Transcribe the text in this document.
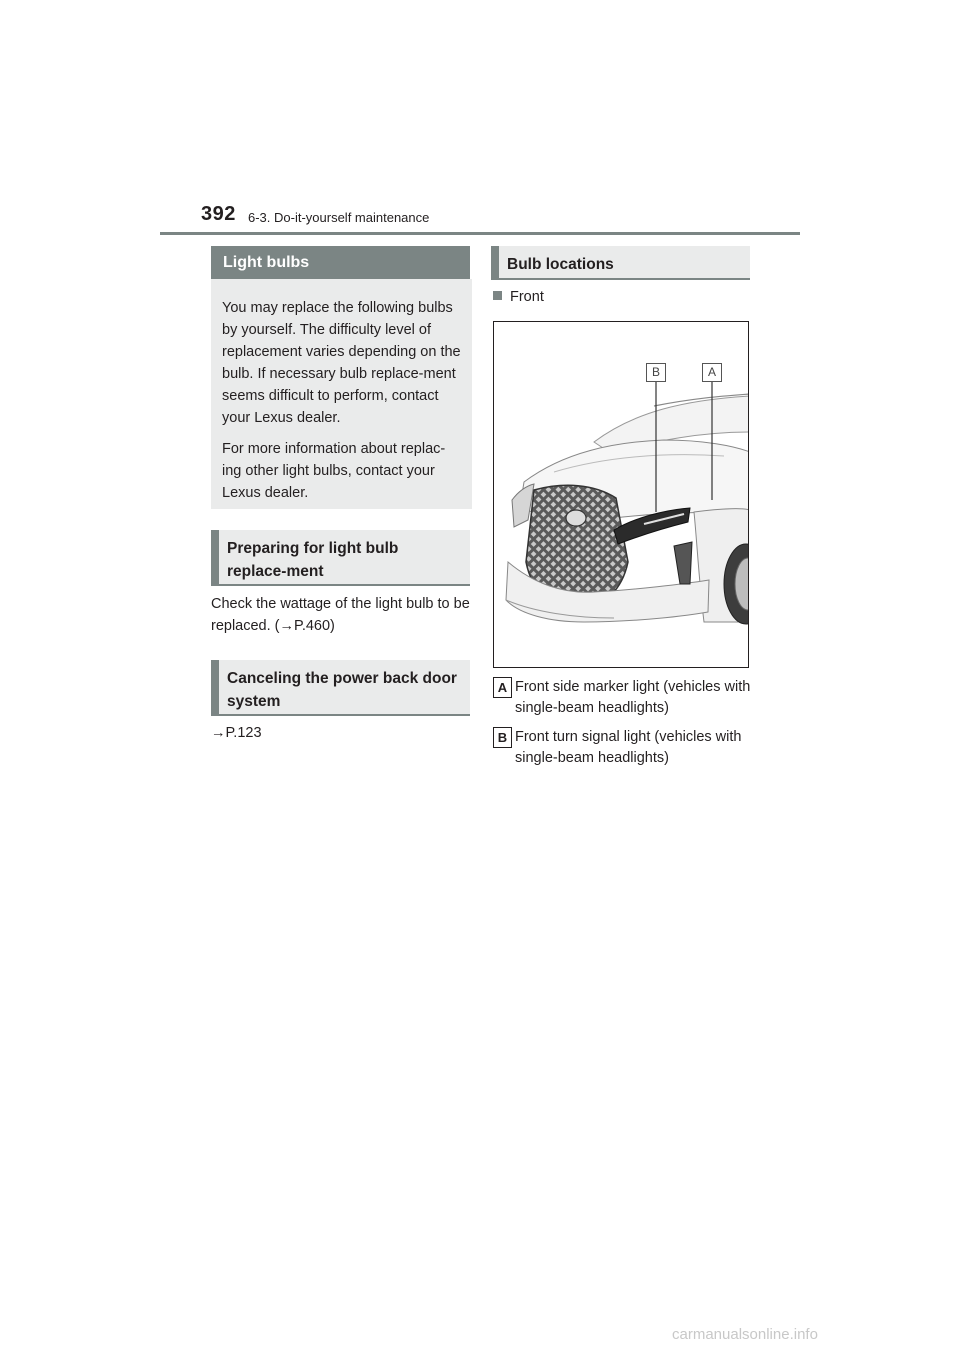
392 6-3. Do-it-yourself maintenance
Light bulbs

You may replace the following bulbs by yourself. The difficulty level of replacement varies depending on the bulb. If necessary bulb replace-ment seems difficult to perform, contact your Lexus dealer.

For more information about replac-ing other light bulbs, contact your Lexus dealer.

Preparing for light bulb replace-ment
Check the wattage of the light bulb to be replaced. (→P.460)
Canceling the power back door system
→P.123
Bulb locations
Front
B	A
A Front side marker light (vehicles with single-beam headlights)
B Front turn signal light (vehicles with single-beam headlights)
carmanualsonline.info
